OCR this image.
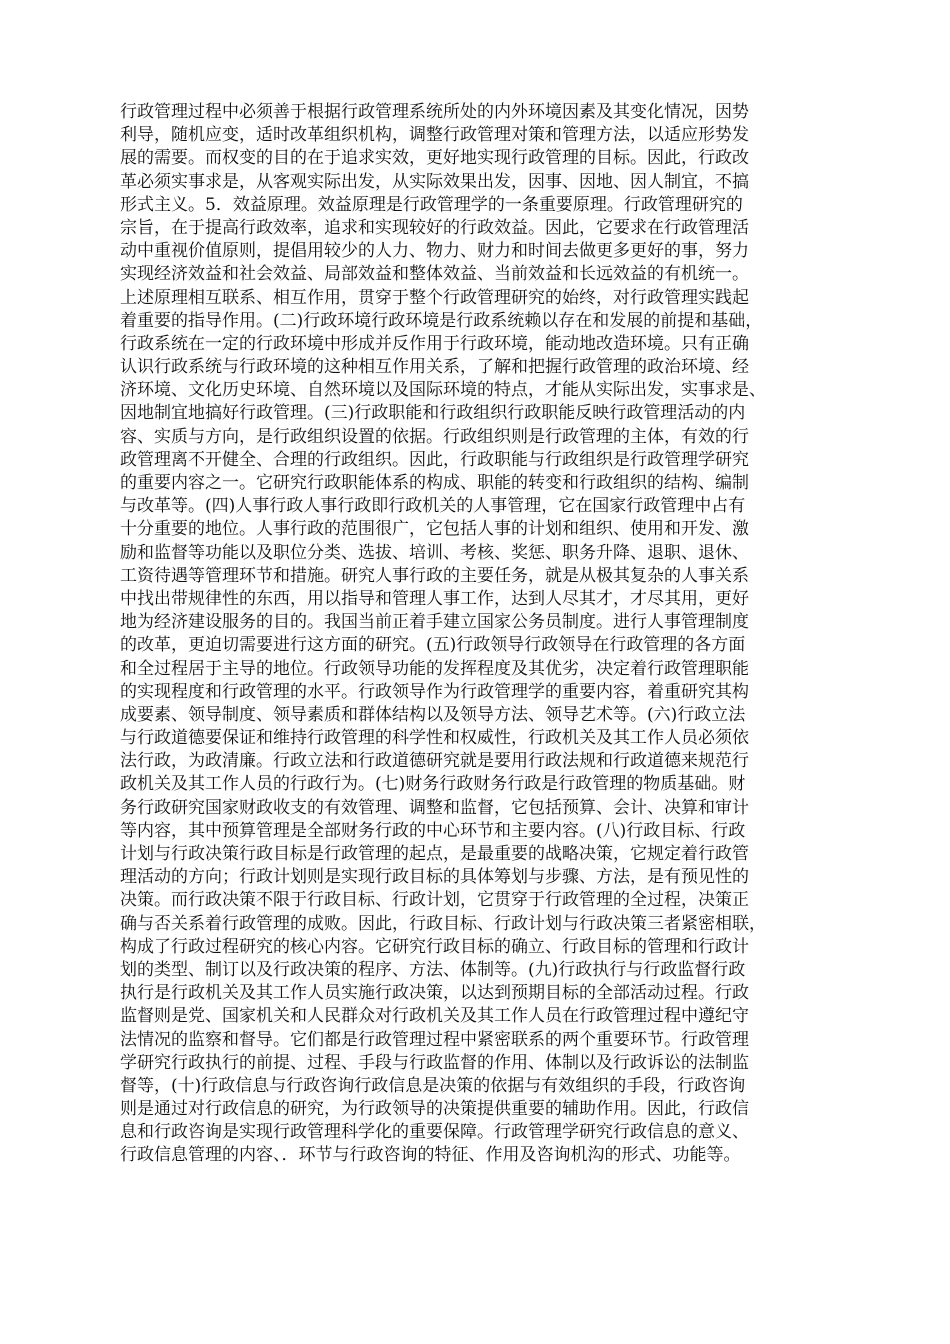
行政管理过程中必须善于根据行政管理系统所处的内外环境因素及其变化情况，因势
利导，随机应变，适时改革组织机构，调整行政管理对策和管理方法，以适应形势发
展的需要。而权变的目的在于追求实效，更好地实现行政管理的目标。因此，行政改
革必须实事求是，从客观实际出发，从实际效果出发，因事、因地、因人制宜，不搞
形式主义。5．效益原理。效益原理是行政管理学的一条重要原理。行政管理研究的
宗旨，在于提高行政效率，追求和实现较好的行政效益。因此，它要求在行政管理活
动中重视价值原则，提倡用较少的人力、物力、财力和时间去做更多更好的事，努力
实现经济效益和社会效益、局部效益和整体效益、当前效益和长远效益的有机统一。
上述原理相互联系、相互作用，贯穿于整个行政管理研究的始终，对行政管理实践起
着重要的指导作用。(二)行政环境行政环境是行政系统赖以存在和发展的前提和基础，
行政系统在一定的行政环境中形成并反作用于行政环境，能动地改造环境。只有正确
认识行政系统与行政环境的这种相互作用关系，了解和把握行政管理的政治环境、经
济环境、文化历史环境、自然环境以及国际环境的特点，才能从实际出发，实事求是、
因地制宜地搞好行政管理。(三)行政职能和行政组织行政职能反映行政管理活动的内
容、实质与方向，是行政组织设置的依据。行政组织则是行政管理的主体，有效的行
政管理离不开健全、合理的行政组织。因此，行政职能与行政组织是行政管理学研究
的重要内容之一。它研究行政职能体系的构成、职能的转变和行政组织的结构、编制
与改革等。(四)人事行政人事行政即行政机关的人事管理，它在国家行政管理中占有
十分重要的地位。人事行政的范围很广，它包括人事的计划和组织、使用和开发、激
励和监督等功能以及职位分类、选拔、培训、考核、奖惩、职务升降、退职、退休、
工资待遇等管理环节和措施。研究人事行政的主要任务，就是从极其复杂的人事关系
中找出带规律性的东西，用以指导和管理人事工作，达到人尽其才，才尽其用，更好
地为经济建设服务的目的。我国当前正着手建立国家公务员制度。进行人事管理制度
的改革，更迫切需要进行这方面的研究。(五)行政领导行政领导在行政管理的各方面
和全过程居于主导的地位。行政领导功能的发挥程度及其优劣，决定着行政管理职能
的实现程度和行政管理的水平。行政领导作为行政管理学的重要内容，着重研究其构
成要素、领导制度、领导素质和群体结构以及领导方法、领导艺术等。(六)行政立法
与行政道德要保证和维持行政管理的科学性和权威性，行政机关及其工作人员必须依
法行政，为政清廉。行政立法和行政道德研究就是要用行政法规和行政道德来规范行
政机关及其工作人员的行政行为。(七)财务行政财务行政是行政管理的物质基础。财
务行政研究国家财政收支的有效管理、调整和监督，它包括预算、会计、决算和审计
等内容，其中预算管理是全部财务行政的中心环节和主要内容。(八)行政目标、行政
计划与行政决策行政目标是行政管理的起点，是最重要的战略决策，它规定着行政管
理活动的方向；行政计划则是实现行政目标的具体筹划与步骤、方法，是有预见性的
决策。而行政决策不限于行政目标、行政计划，它贯穿于行政管理的全过程，决策正
确与否关系着行政管理的成败。因此，行政目标、行政计划与行政决策三者紧密相联，
构成了行政过程研究的核心内容。它研究行政目标的确立、行政目标的管理和行政计
划的类型、制订以及行政决策的程序、方法、体制等。(九)行政执行与行政监督行政
执行是行政机关及其工作人员实施行政决策，以达到预期目标的全部活动过程。行政
监督则是党、国家机关和人民群众对行政机关及其工作人员在行政管理过程中遵纪守
法情况的监察和督导。它们都是行政管理过程中紧密联系的两个重要环节。行政管理
学研究行政执行的前提、过程、手段与行政监督的作用、体制以及行政诉讼的法制监
督等，(十)行政信息与行政咨询行政信息是决策的依据与有效组织的手段，行政咨询
则是通过对行政信息的研究，为行政领导的决策提供重要的辅助作用。因此，行政信
息和行政咨询是实现行政管理科学化的重要保障。行政管理学研究行政信息的意义、
行政信息管理的内容、．环节与行政咨询的特征、作用及咨询机沟的形式、功能等。
